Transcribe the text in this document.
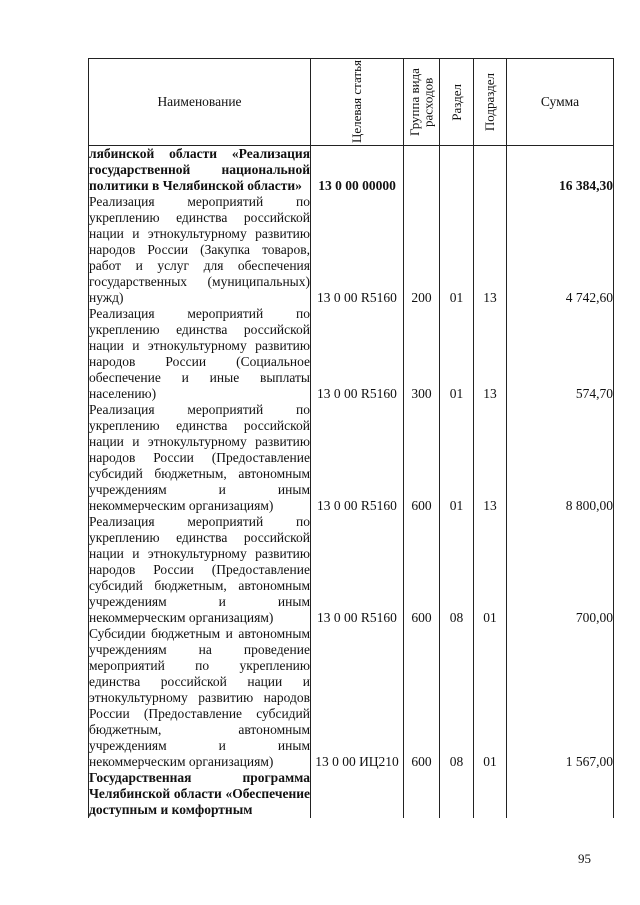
Наименование	Целевая статья	Группа вида расходов	Раздел	Подраздел	Сумма
лябинской области «Реализация государственной национальной политики в Челябинской области»	13 0 00 00000				16 384,30
Реализация мероприятий по укреплению единства российской нации и этнокультурному развитию народов России (Закупка товаров, работ и услуг для обеспечения государственных (муниципальных) нужд)	13 0 00 R5160	200	01	13	4 742,60
Реализация мероприятий по укреплению единства российской нации и этнокультурному развитию народов России (Социальное обеспечение и иные выплаты населению)	13 0 00 R5160	300	01	13	574,70
Реализация мероприятий по укреплению единства российской нации и этнокультурному развитию народов России (Предоставление субсидий бюджетным, автономным учреждениям и иным некоммерческим организациям)	13 0 00 R5160	600	01	13	8 800,00
Реализация мероприятий по укреплению единства российской нации и этнокультурному развитию народов России (Предоставление субсидий бюджетным, автономным учреждениям и иным некоммерческим организациям)	13 0 00 R5160	600	08	01	700,00
Субсидии бюджетным и автономным учреждениям на проведение мероприятий по укреплению единства российской нации и этнокультурному развитию народов России (Предоставление субсидий бюджетным, автономным учреждениям и иным некоммерческим организациям)	13 0 00 ИЦ210	600	08	01	1 567,00
Государственная программа Челябинской области «Обеспечение доступным и комфортным					
95
